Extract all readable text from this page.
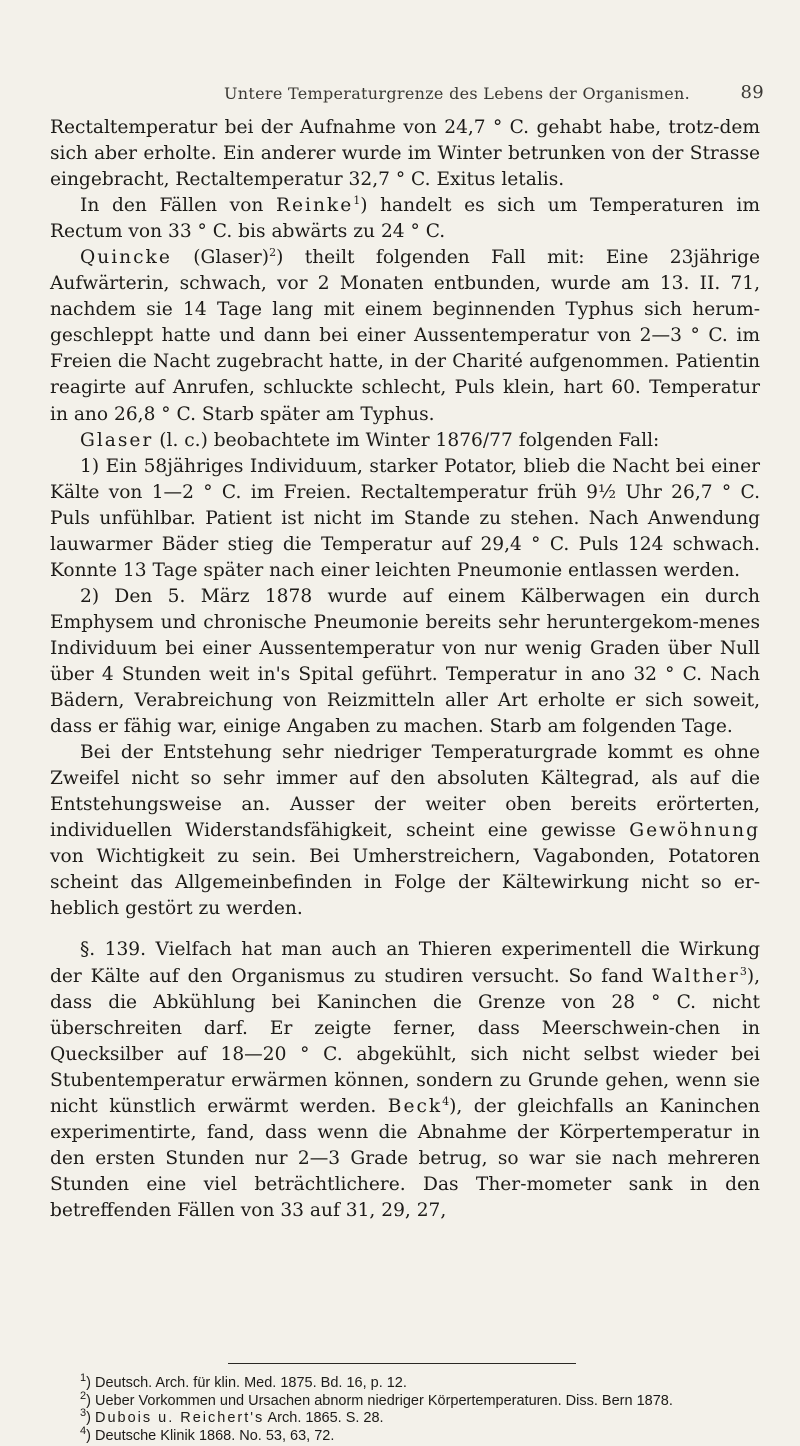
Untere Temperaturgrenze des Lebens der Organismen.	89

Rectaltemperatur bei der Aufnahme von 24,7 ° C. gehabt habe, trotz-dem sich aber erholte. Ein anderer wurde im Winter betrunken von der Strasse eingebracht, Rectaltemperatur 32,7 ° C. Exitus letalis.

In den Fällen von Reinke$^1$) handelt es sich um Temperaturen im Rectum von 33 ° C. bis abwärts zu 24 ° C.

Quincke (Glaser)$^2$) theilt folgenden Fall mit: Eine 23jährige Aufwärterin, schwach, vor 2 Monaten entbunden, wurde am 13. II. 71, nachdem sie 14 Tage lang mit einem beginnenden Typhus sich herum-geschleppt hatte und dann bei einer Aussentemperatur von 2—3 ° C. im Freien die Nacht zugebracht hatte, in der Charité aufgenommen. Patientin reagirte auf Anrufen, schluckte schlecht, Puls klein, hart 60. Temperatur in ano 26,8 ° C. Starb später am Typhus.

Glaser (l. c.) beobachtete im Winter 1876/77 folgenden Fall:

1) Ein 58jähriges Individuum, starker Potator, blieb die Nacht bei einer Kälte von 1—2 ° C. im Freien. Rectaltemperatur früh 9½ Uhr 26,7 ° C. Puls unfühlbar. Patient ist nicht im Stande zu stehen. Nach Anwendung lauwarmer Bäder stieg die Temperatur auf 29,4 ° C. Puls 124 schwach. Konnte 13 Tage später nach einer leichten Pneumonie entlassen werden.

2) Den 5. März 1878 wurde auf einem Kälberwagen ein durch Emphysem und chronische Pneumonie bereits sehr heruntergekom-menes Individuum bei einer Aussentemperatur von nur wenig Graden über Null über 4 Stunden weit in's Spital geführt. Temperatur in ano 32 ° C. Nach Bädern, Verabreichung von Reizmitteln aller Art erholte er sich soweit, dass er fähig war, einige Angaben zu machen. Starb am folgenden Tage.

Bei der Entstehung sehr niedriger Temperaturgrade kommt es ohne Zweifel nicht so sehr immer auf den absoluten Kältegrad, als auf die Entstehungsweise an. Ausser der weiter oben bereits erörterten, individuellen Widerstandsfähigkeit, scheint eine gewisse Gewöhnung von Wichtigkeit zu sein. Bei Umherstreichern, Vagabonden, Potatoren scheint das Allgemeinbefinden in Folge der Kältewirkung nicht so er-heblich gestört zu werden.

§. 139. Vielfach hat man auch an Thieren experimentell die Wirkung der Kälte auf den Organismus zu studiren versucht. So fand Walther$^3$), dass die Abkühlung bei Kaninchen die Grenze von 28 ° C. nicht überschreiten darf. Er zeigte ferner, dass Meerschwein-chen in Quecksilber auf 18—20 ° C. abgekühlt, sich nicht selbst wieder bei Stubentemperatur erwärmen können, sondern zu Grunde gehen, wenn sie nicht künstlich erwärmt werden. Beck$^4$), der gleichfalls an Kaninchen experimentirte, fand, dass wenn die Abnahme der Körpertemperatur in den ersten Stunden nur 2—3 Grade betrug, so war sie nach mehreren Stunden eine viel beträchtlichere. Das Ther-mometer sank in den betreffenden Fällen von 33 auf 31, 29, 27,

$^1$) Deutsch. Arch. für klin. Med. 1875. Bd. 16, p. 12.

$^2$) Ueber Vorkommen und Ursachen abnorm niedriger Körpertemperaturen. Diss. Bern 1878.

$^3$) Dubois u. Reichert's Arch. 1865. S. 28.

$^4$) Deutsche Klinik 1868. No. 53, 63, 72.
